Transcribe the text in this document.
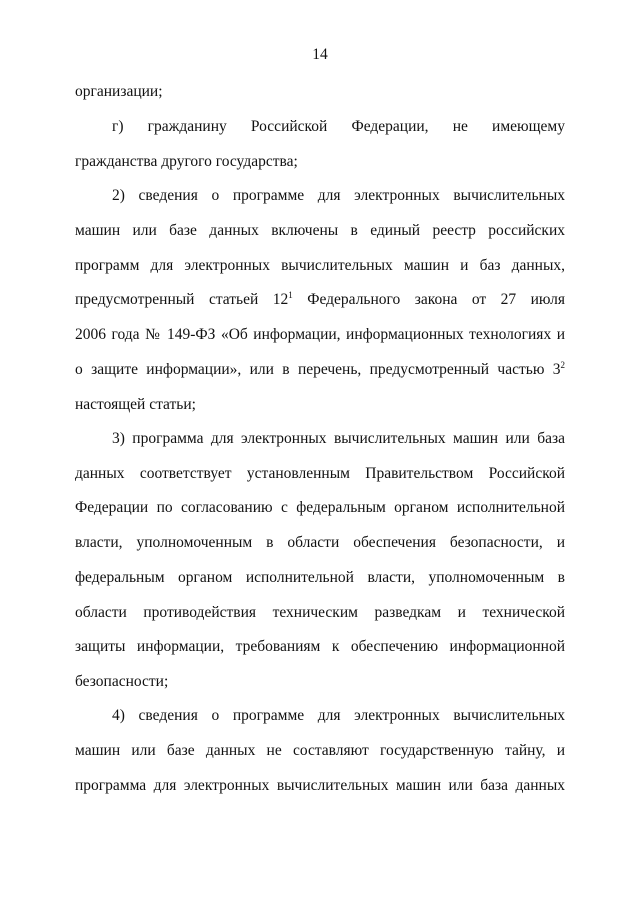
14
организации;
г) гражданину Российской Федерации, не имеющему
гражданства другого государства;
2) сведения о программе для электронных вычислительных
машин или базе данных включены в единый реестр российских
программ для электронных вычислительных машин и баз данных,
предусмотренный статьей $12^1$ Федерального закона от 27 июля
2006 года № 149-ФЗ «Об информации, информационных технологиях и
о защите информации», или в перечень, предусмотренный частью $3^2$
настоящей статьи;
3) программа для электронных вычислительных машин или база
данных соответствует установленным Правительством Российской
Федерации по согласованию с федеральным органом исполнительной
власти, уполномоченным в области обеспечения безопасности, и
федеральным органом исполнительной власти, уполномоченным в
области противодействия техническим разведкам и технической
защиты информации, требованиям к обеспечению информационной
безопасности;
4) сведения о программе для электронных вычислительных
машин или базе данных не составляют государственную тайну, и
программа для электронных вычислительных машин или база данных
